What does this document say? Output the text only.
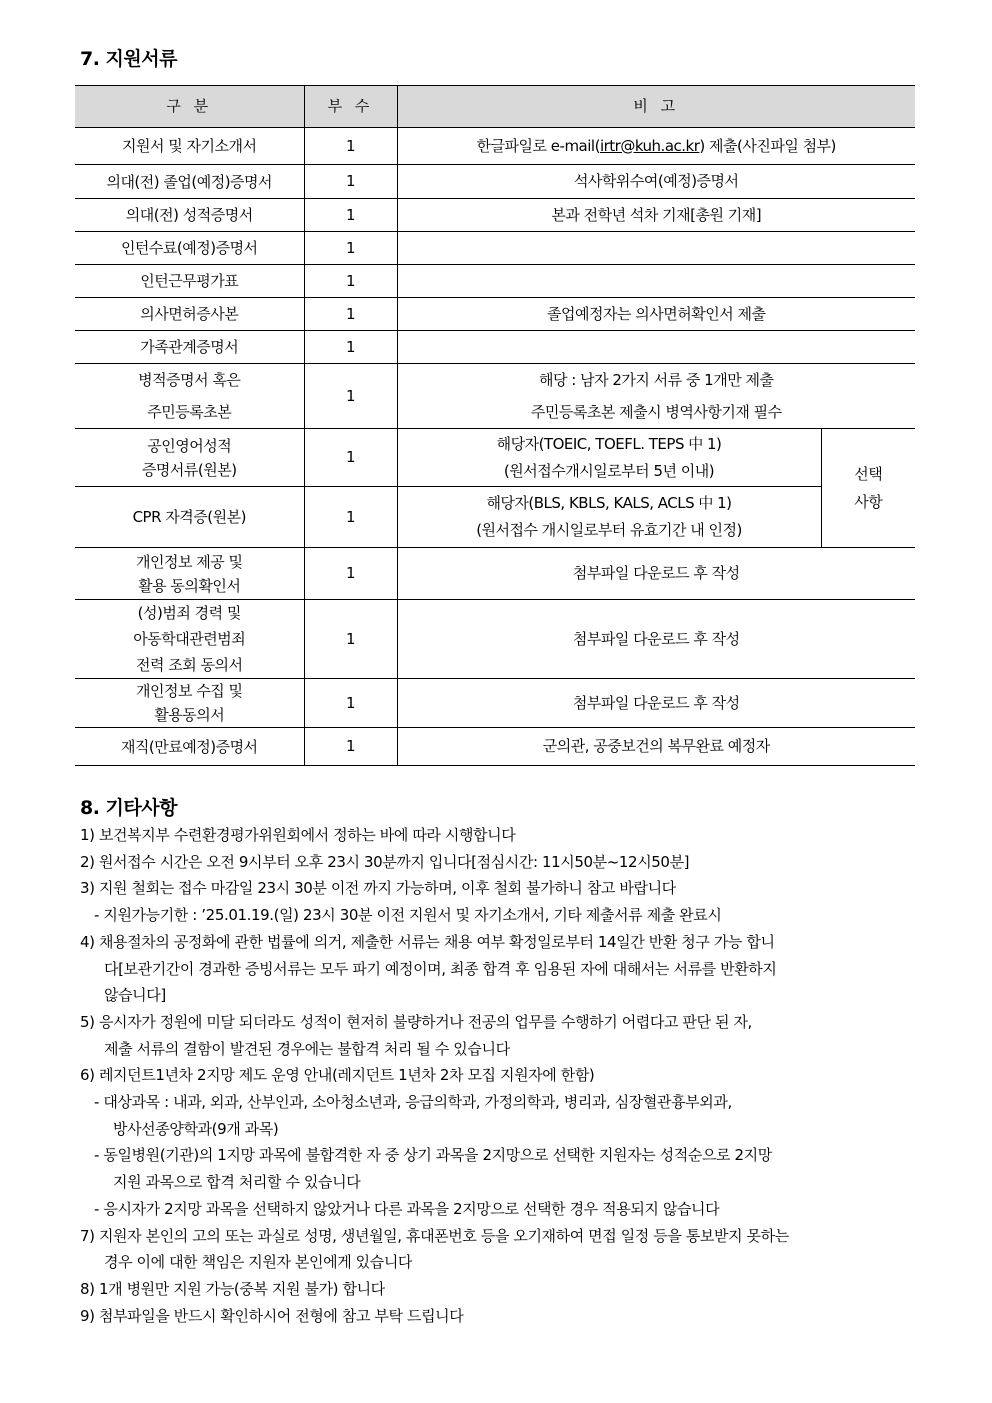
7. 지원서류
구 분	부 수	비 고	

지원서 및 자기소개서	1	한글파일로 e-mail(irtr@kuh.ac.kr) 제출(사진파일 첨부)	

의대(전) 졸업(예정)증명서	1	석사학위수여(예정)증명서	

의대(전) 성적증명서	1	본과 전학년 석차 기재[총원 기재]	

인턴수료(예정)증명서	1		

인턴근무평가표	1		

의사면허증사본	1	졸업예정자는 의사면허확인서 제출	

가족관계증명서	1		

병적증명서 혹은
주민등록초본	1	해당 : 남자 2가지 서류 중 1개만 제출
주민등록초본 제출시 병역사항기재 필수	

공인영어성적
증명서류(원본)	1	해당자(TOEIC, TOEFL. TEPS 中 1)
(원서접수개시일로부터 5년 이내)	선택
사항

CPR 자격증(원본)	1	해당자(BLS, KBLS, KALS, ACLS 中 1)
(원서접수 개시일로부터 유효기간 내 인정)	

개인정보 제공 및
활용 동의확인서	1	첨부파일 다운로드 후 작성	

(성)범죄 경력 및
아동학대관련범죄
전력 조회 동의서	1	첨부파일 다운로드 후 작성	

개인정보 수집 및
활용동의서	1	첨부파일 다운로드 후 작성	

재직(만료예정)증명서	1	군의관, 공중보건의 복무완료 예정자	
8. 기타사항
1) 보건복지부 수련환경평가위원회에서 정하는 바에 따라 시행합니다
2) 원서접수 시간은 오전 9시부터 오후 23시 30분까지 입니다[점심시간: 11시50분~12시50분]
3) 지원 철회는 접수 마감일 23시 30분 이전 까지 가능하며, 이후 철회 불가하니 참고 바랍니다
- 지원가능기한 : ’25.01.19.(일) 23시 30분 이전 지원서 및 자기소개서, 기타 제출서류 제출 완료시
4) 채용절차의 공정화에 관한 법률에 의거, 제출한 서류는 채용 여부 확정일로부터 14일간 반환 청구 가능 합니
다[보관기간이 경과한 증빙서류는 모두 파기 예정이며, 최종 합격 후 임용된 자에 대해서는 서류를 반환하지
않습니다]
5) 응시자가 정원에 미달 되더라도 성적이 현저히 불량하거나 전공의 업무를 수행하기 어렵다고 판단 된 자,
제출 서류의 결함이 발견된 경우에는 불합격 처리 될 수 있습니다
6) 레지던트1년차 2지망 제도 운영 안내(레지던트 1년차 2차 모집 지원자에 한함)
- 대상과목 : 내과, 외과, 산부인과, 소아청소년과, 응급의학과, 가정의학과, 병리과, 심장혈관흉부외과,
방사선종양학과(9개 과목)
- 동일병원(기관)의 1지망 과목에 불합격한 자 중 상기 과목을 2지망으로 선택한 지원자는 성적순으로 2지망
지원 과목으로 합격 처리할 수 있습니다
- 응시자가 2지망 과목을 선택하지 않았거나 다른 과목을 2지망으로 선택한 경우 적용되지 않습니다
7) 지원자 본인의 고의 또는 과실로 성명, 생년월일, 휴대폰번호 등을 오기재하여 면접 일정 등을 통보받지 못하는
경우 이에 대한 책임은 지원자 본인에게 있습니다
8) 1개 병원만 지원 가능(중복 지원 불가) 합니다
9) 첨부파일을 반드시 확인하시어 전형에 참고 부탁 드립니다
